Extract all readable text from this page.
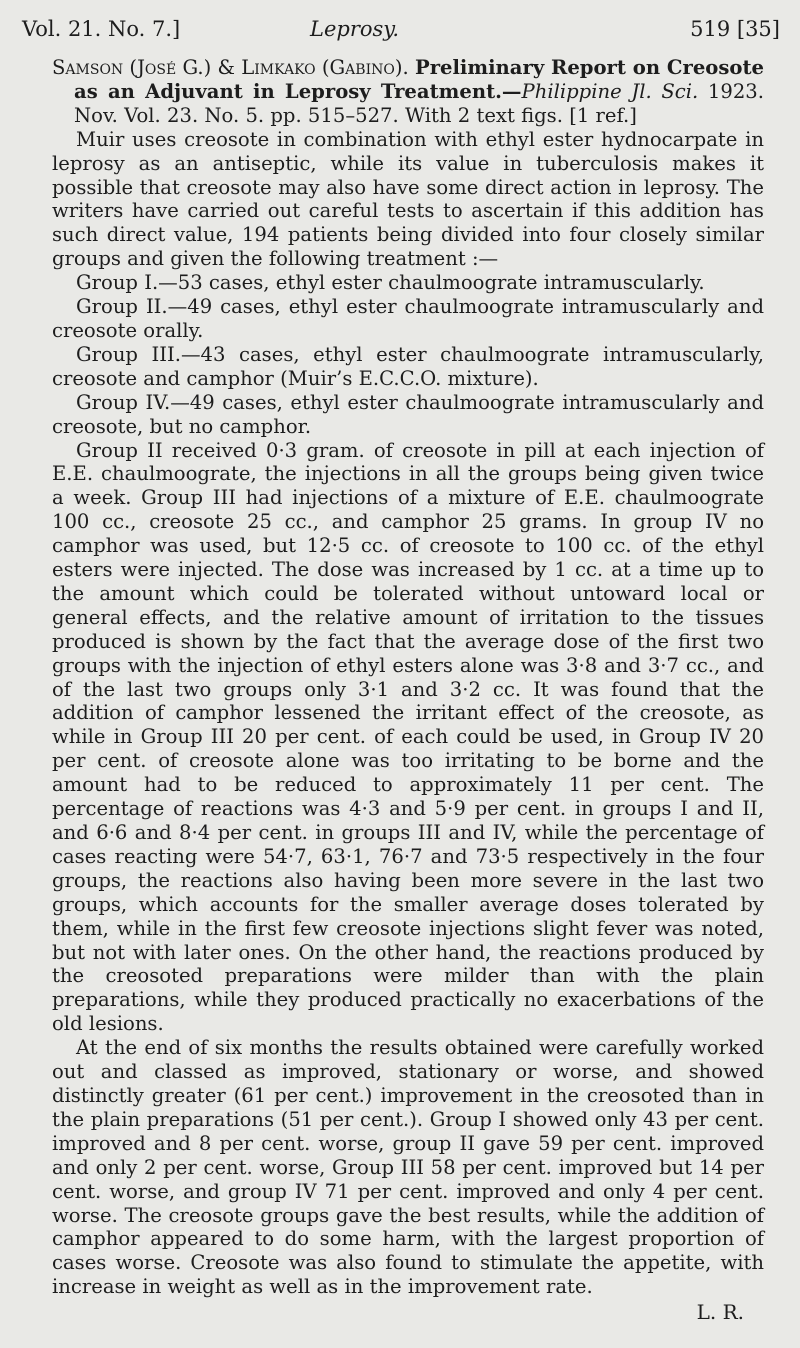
Vol. 21. No. 7.]	Leprosy.	519 [35]

Samson (José G.) & Limkako (Gabino). Preliminary Report on Creosote as an Adjuvant in Leprosy Treatment.—Philippine Jl. Sci. 1923. Nov. Vol. 23. No. 5. pp. 515–527. With 2 text figs. [1 ref.]

Muir uses creosote in combination with ethyl ester hydnocarpate in leprosy as an antiseptic, while its value in tuberculosis makes it possible that creosote may also have some direct action in leprosy. The writers have carried out careful tests to ascertain if this addition has such direct value, 194 patients being divided into four closely similar groups and given the following treatment :—

Group I.—53 cases, ethyl ester chaulmoograte intramuscularly.

Group II.—49 cases, ethyl ester chaulmoograte intramuscularly and creosote orally.

Group III.—43 cases, ethyl ester chaulmoograte intramuscularly, creosote and camphor (Muir’s E.C.C.O. mixture).

Group IV.—49 cases, ethyl ester chaulmoograte intramuscularly and creosote, but no camphor.

Group II received 0·3 gram. of creosote in pill at each injection of E.E. chaulmoograte, the injections in all the groups being given twice a week. Group III had injections of a mixture of E.E. chaulmoograte 100 cc., creosote 25 cc., and camphor 25 grams. In group IV no camphor was used, but 12·5 cc. of creosote to 100 cc. of the ethyl esters were injected. The dose was increased by 1 cc. at a time up to the amount which could be tolerated without untoward local or general effects, and the relative amount of irritation to the tissues produced is shown by the fact that the average dose of the first two groups with the injection of ethyl esters alone was 3·8 and 3·7 cc., and of the last two groups only 3·1 and 3·2 cc. It was found that the addition of camphor lessened the irritant effect of the creosote, as while in Group III 20 per cent. of each could be used, in Group IV 20 per cent. of creosote alone was too irritating to be borne and the amount had to be reduced to approximately 11 per cent. The percentage of reactions was 4·3 and 5·9 per cent. in groups I and II, and 6·6 and 8·4 per cent. in groups III and IV, while the percentage of cases reacting were 54·7, 63·1, 76·7 and 73·5 respectively in the four groups, the reactions also having been more severe in the last two groups, which accounts for the smaller average doses tolerated by them, while in the first few creosote injections slight fever was noted, but not with later ones. On the other hand, the reactions produced by the creosoted preparations were milder than with the plain preparations, while they produced practically no exacerbations of the old lesions.

At the end of six months the results obtained were carefully worked out and classed as improved, stationary or worse, and showed distinctly greater (61 per cent.) improvement in the creosoted than in the plain preparations (51 per cent.). Group I showed only 43 per cent. improved and 8 per cent. worse, group II gave 59 per cent. improved and only 2 per cent. worse, Group III 58 per cent. improved but 14 per cent. worse, and group IV 71 per cent. improved and only 4 per cent. worse. The creosote groups gave the best results, while the addition of camphor appeared to do some harm, with the largest proportion of cases worse. Creosote was also found to stimulate the appetite, with increase in weight as well as in the improvement rate.

L. R.
